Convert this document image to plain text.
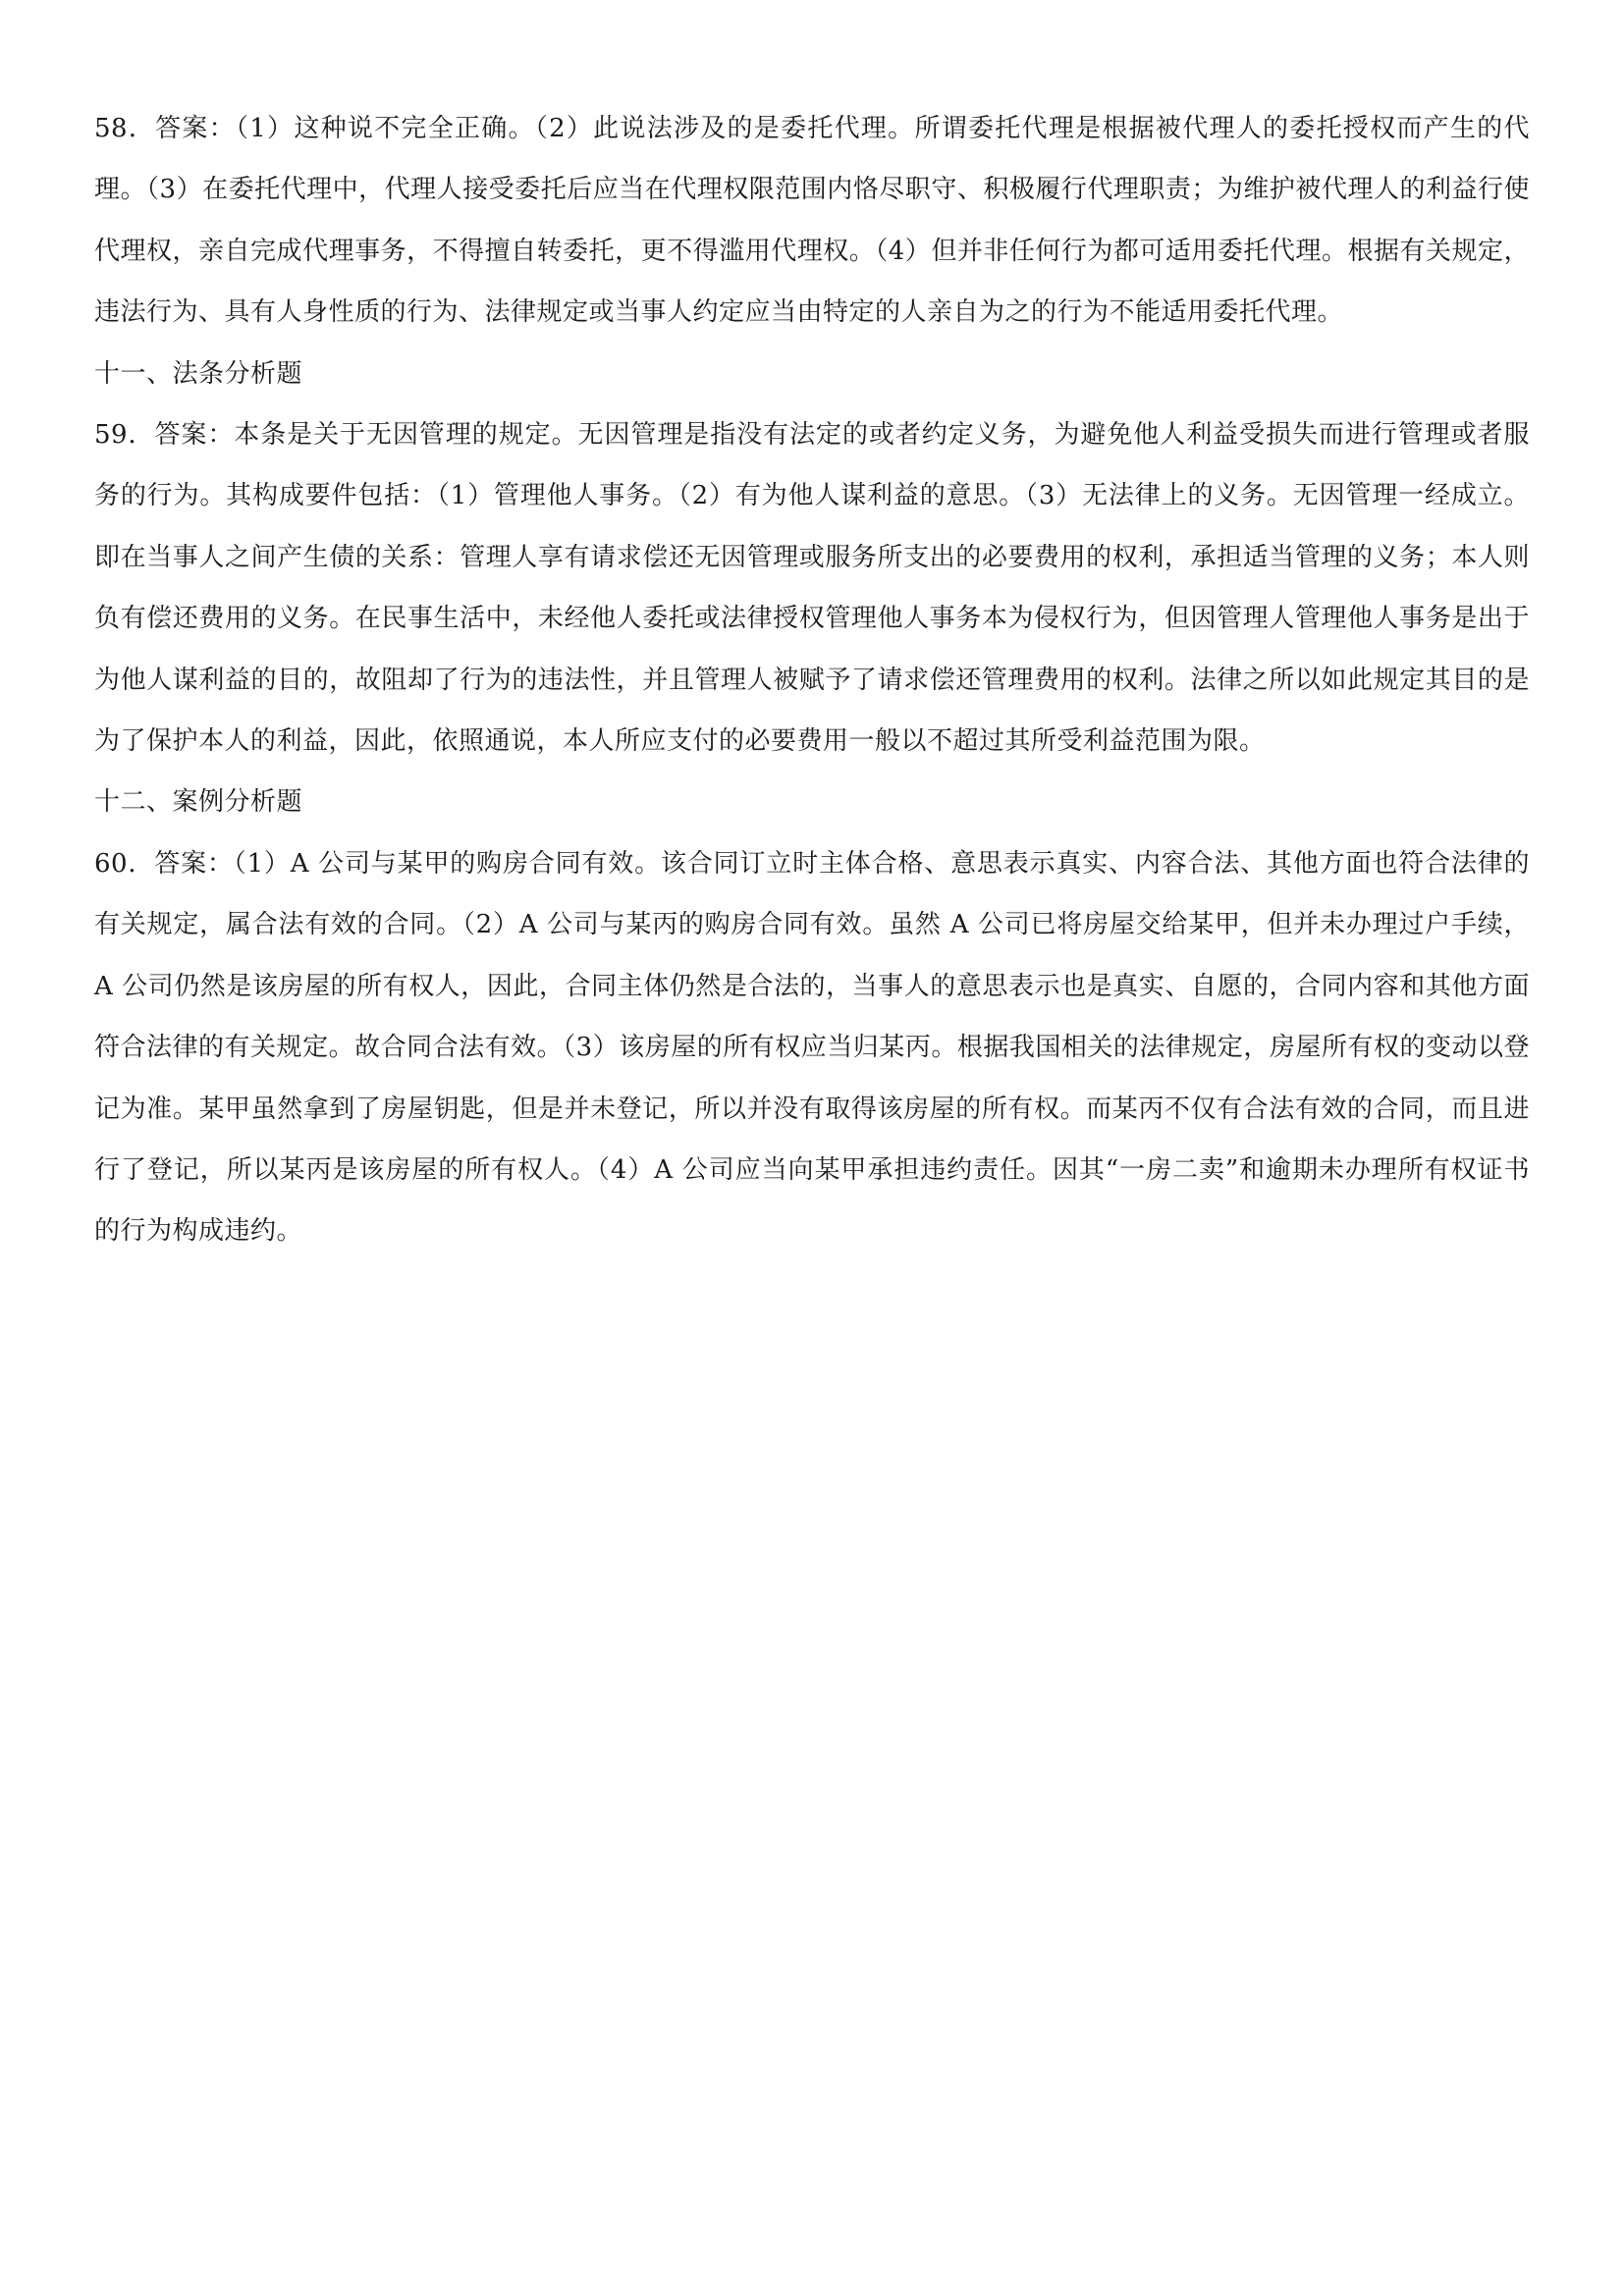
58．答案：（1）这种说不完全正确。（2）此说法涉及的是委托代理。所谓委托代理是根据被代理人的委托授权而产生的代理。（3）在委托代理中，代理人接受委托后应当在代理权限范围内恪尽职守、积极履行代理职责；为维护被代理人的利益行使代理权，亲自完成代理事务，不得擅自转委托，更不得滥用代理权。（4）但并非任何行为都可适用委托代理。根据有关规定，违法行为、具有人身性质的行为、法律规定或当事人约定应当由特定的人亲自为之的行为不能适用委托代理。

十一、法条分析题

59．答案：本条是关于无因管理的规定。无因管理是指没有法定的或者约定义务，为避免他人利益受损失而进行管理或者服务的行为。其构成要件包括：（1）管理他人事务。（2）有为他人谋利益的意思。（3）无法律上的义务。无因管理一经成立。即在当事人之间产生债的关系：管理人享有请求偿还无因管理或服务所支出的必要费用的权利，承担适当管理的义务；本人则负有偿还费用的义务。在民事生活中，未经他人委托或法律授权管理他人事务本为侵权行为，但因管理人管理他人事务是出于为他人谋利益的目的，故阻却了行为的违法性，并且管理人被赋予了请求偿还管理费用的权利。法律之所以如此规定其目的是为了保护本人的利益，因此，依照通说，本人所应支付的必要费用一般以不超过其所受利益范围为限。

十二、案例分析题

60．答案：（1）A 公司与某甲的购房合同有效。该合同订立时主体合格、意思表示真实、内容合法、其他方面也符合法律的有关规定，属合法有效的合同。（2）A 公司与某丙的购房合同有效。虽然 A 公司已将房屋交给某甲，但并未办理过户手续，A 公司仍然是该房屋的所有权人，因此，合同主体仍然是合法的，当事人的意思表示也是真实、自愿的，合同内容和其他方面符合法律的有关规定。故合同合法有效。（3）该房屋的所有权应当归某丙。根据我国相关的法律规定，房屋所有权的变动以登记为准。某甲虽然拿到了房屋钥匙，但是并未登记，所以并没有取得该房屋的所有权。而某丙不仅有合法有效的合同，而且进行了登记，所以某丙是该房屋的所有权人。（4）A 公司应当向某甲承担违约责任。因其“一房二卖”和逾期未办理所有权证书的行为构成违约。
